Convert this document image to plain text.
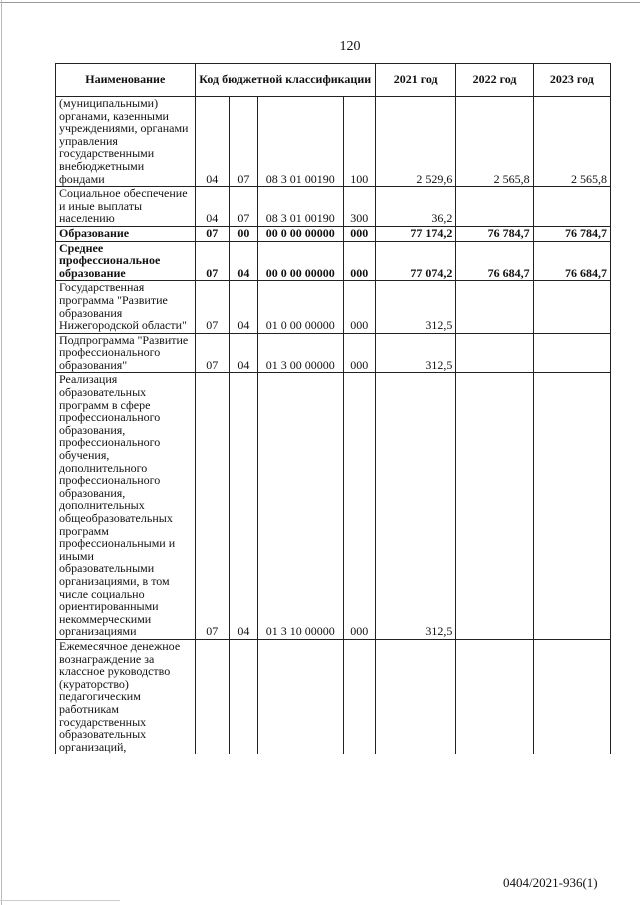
120
Наименование	Код бюджетной классификации				2021 год	2022 год	2023 год
(муниципальными) органами, казенными учреждениями, органами управления государственными внебюджетными фондами	04	07	08 3 01 00190	100	2 529,6	2 565,8	2 565,8
Социальное обеспечение и иные выплаты населению	04	07	08 3 01 00190	300	36,2		
Образование	07	00	00 0 00 00000	000	77 174,2	76 784,7	76 784,7
Среднее профессиональное образование	07	04	00 0 00 00000	000	77 074,2	76 684,7	76 684,7
Государственная программа "Развитие образования Нижегородской области"	07	04	01 0 00 00000	000	312,5		
Подпрограмма "Развитие профессионального образования"	07	04	01 3 00 00000	000	312,5		
Реализация образовательных программ в сфере профессионального образования, профессионального обучения, дополнительного профессионального образования, дополнительных общеобразовательных программ профессиональными и иными образовательными организациями, в том числе социально ориентированными некоммерческими организациями	07	04	01 3 10 00000	000	312,5		
Ежемесячное денежное вознаграждение за классное руководство (кураторство) педагогическим работникам государственных образовательных организаций,							
0404/2021-936(1)
